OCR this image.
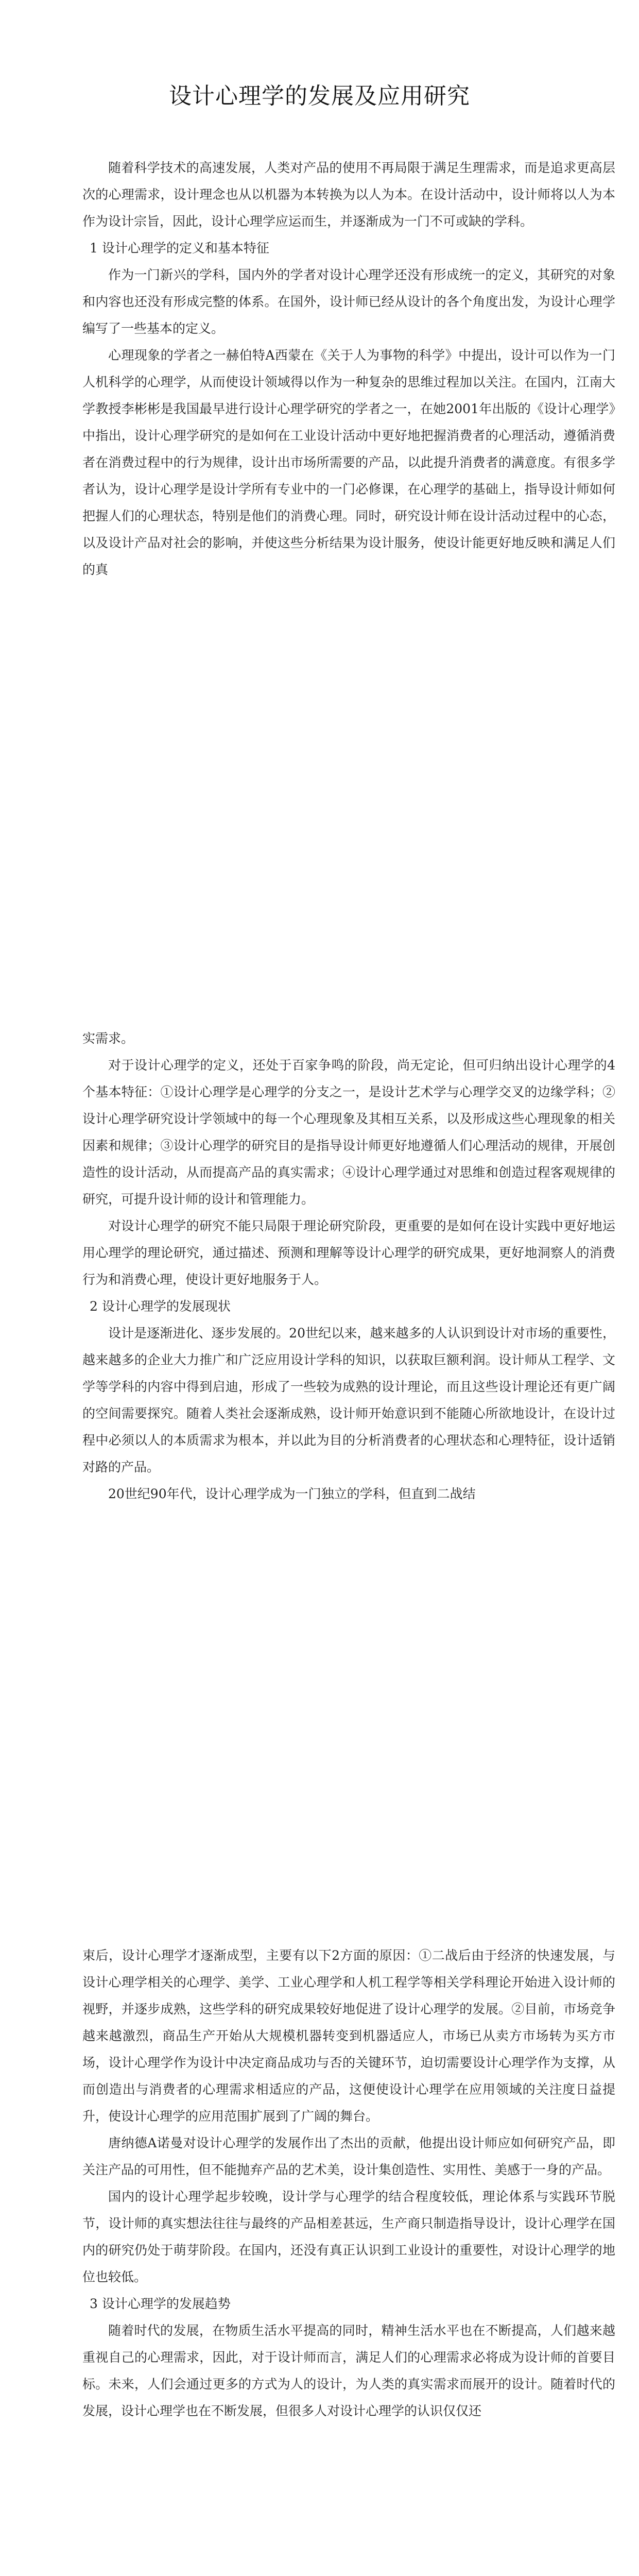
设计心理学的发展及应用研究

随着科学技术的高速发展，人类对产品的使用不再局限于满足生理需求，而是追求更高层次的心理需求，设计理念也从以机器为本转换为以人为本。在设计活动中，设计师将以人为本作为设计宗旨，因此，设计心理学应运而生，并逐渐成为一门不可或缺的学科。

1 设计心理学的定义和基本特征

作为一门新兴的学科，国内外的学者对设计心理学还没有形成统一的定义，其研究的对象和内容也还没有形成完整的体系。在国外，设计师已经从设计的各个角度出发，为设计心理学编写了一些基本的定义。

心理现象的学者之一赫伯特A西蒙在《关于人为事物的科学》中提出，设计可以作为一门人机科学的心理学，从而使设计领域得以作为一种复杂的思维过程加以关注。在国内，江南大学教授李彬彬是我国最早进行设计心理学研究的学者之一，在她2001年出版的《设计心理学》中指出，设计心理学研究的是如何在工业设计活动中更好地把握消费者的心理活动，遵循消费者在消费过程中的行为规律，设计出市场所需要的产品，以此提升消费者的满意度。有很多学者认为，设计心理学是设计学所有专业中的一门必修课，在心理学的基础上，指导设计师如何把握人们的心理状态，特别是他们的消费心理。同时，研究设计师在设计活动过程中的心态，以及设计产品对社会的影响，并使这些分析结果为设计服务，使设计能更好地反映和满足人们的真

实需求。

对于设计心理学的定义，还处于百家争鸣的阶段，尚无定论，但可归纳出设计心理学的4个基本特征：①设计心理学是心理学的分支之一，是设计艺术学与心理学交叉的边缘学科；②设计心理学研究设计学领域中的每一个心理现象及其相互关系，以及形成这些心理现象的相关因素和规律；③设计心理学的研究目的是指导设计师更好地遵循人们心理活动的规律，开展创造性的设计活动，从而提高产品的真实需求；④设计心理学通过对思维和创造过程客观规律的研究，可提升设计师的设计和管理能力。

对设计心理学的研究不能只局限于理论研究阶段，更重要的是如何在设计实践中更好地运用心理学的理论研究，通过描述、预测和理解等设计心理学的研究成果，更好地洞察人的消费行为和消费心理，使设计更好地服务于人。

2 设计心理学的发展现状

设计是逐渐进化、逐步发展的。20世纪以来，越来越多的人认识到设计对市场的重要性，越来越多的企业大力推广和广泛应用设计学科的知识，以获取巨额利润。设计师从工程学、文学等学科的内容中得到启迪，形成了一些较为成熟的设计理论，而且这些设计理论还有更广阔的空间需要探究。随着人类社会逐渐成熟，设计师开始意识到不能随心所欲地设计，在设计过程中必须以人的本质需求为根本，并以此为目的分析消费者的心理状态和心理特征，设计适销对路的产品。

20世纪90年代，设计心理学成为一门独立的学科，但直到二战结

束后，设计心理学才逐渐成型，主要有以下2方面的原因：①二战后由于经济的快速发展，与设计心理学相关的心理学、美学、工业心理学和人机工程学等相关学科理论开始进入设计师的视野，并逐步成熟，这些学科的研究成果较好地促进了设计心理学的发展。②目前，市场竞争越来越激烈，商品生产开始从大规模机器转变到机器适应人，市场已从卖方市场转为买方市场，设计心理学作为设计中决定商品成功与否的关键环节，迫切需要设计心理学作为支撑，从而创造出与消费者的心理需求相适应的产品，这便使设计心理学在应用领域的关注度日益提升，使设计心理学的应用范围扩展到了广阔的舞台。

唐纳德A诺曼对设计心理学的发展作出了杰出的贡献，他提出设计师应如何研究产品，即关注产品的可用性，但不能抛弃产品的艺术美，设计集创造性、实用性、美感于一身的产品。

国内的设计心理学起步较晚，设计学与心理学的结合程度较低，理论体系与实践环节脱节，设计师的真实想法往往与最终的产品相差甚远，生产商只制造指导设计，设计心理学在国内的研究仍处于萌芽阶段。在国内，还没有真正认识到工业设计的重要性，对设计心理学的地位也较低。

3 设计心理学的发展趋势

随着时代的发展，在物质生活水平提高的同时，精神生活水平也在不断提高，人们越来越重视自己的心理需求，因此，对于设计师而言，满足人们的心理需求必将成为设计师的首要目标。未来，人们会通过更多的方式为人的设计，为人类的真实需求而展开的设计。随着时代的发展，设计心理学也在不断发展，但很多人对设计心理学的认识仅仅还
